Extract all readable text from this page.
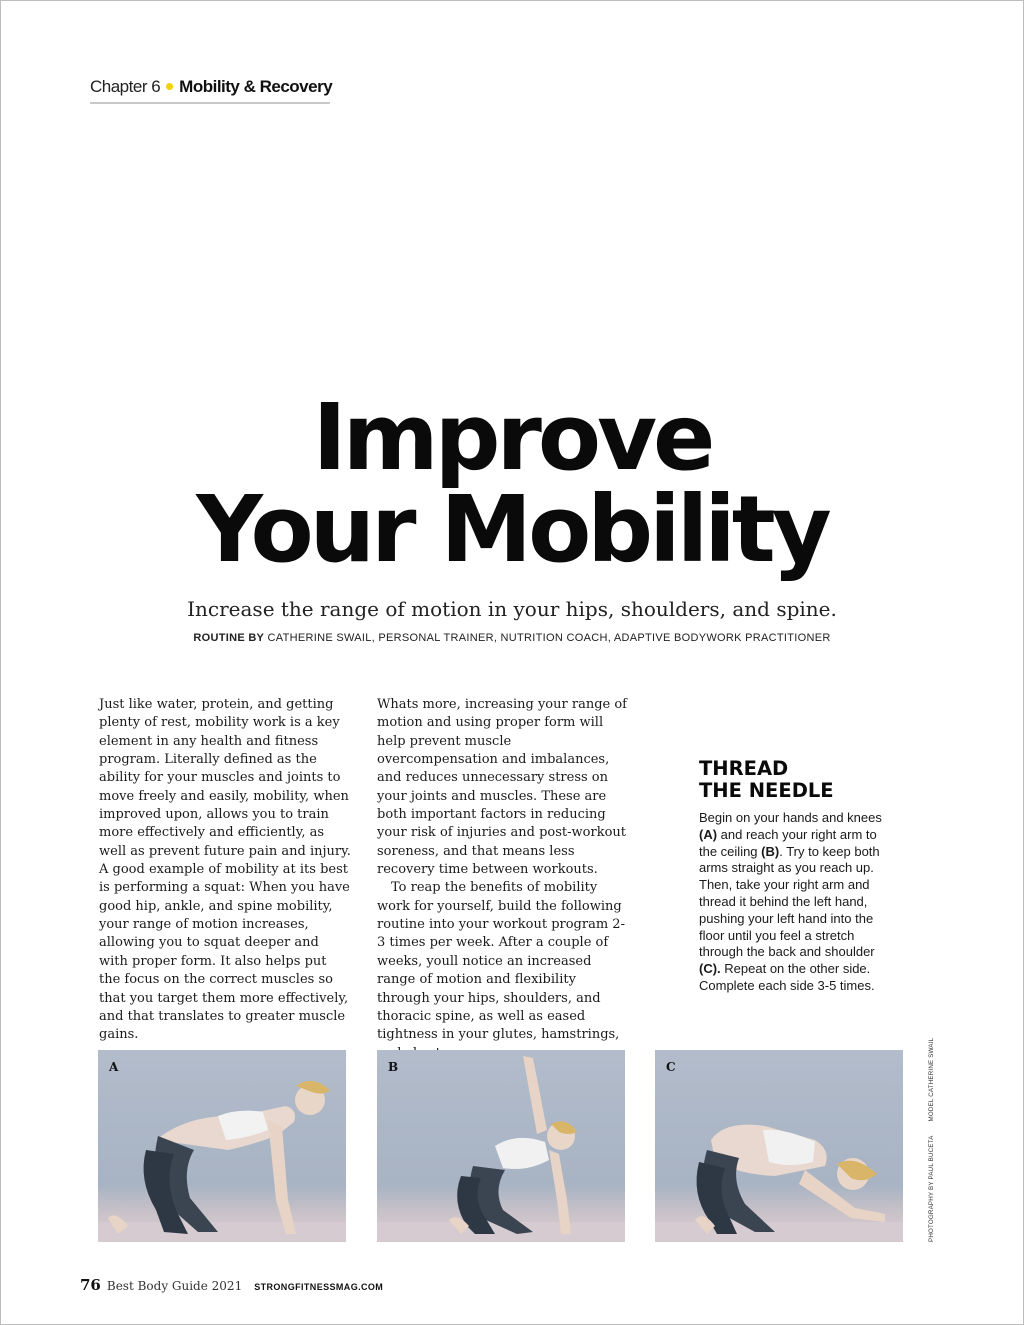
Chapter 6 Mobility & Recovery
Improve
Your Mobility
Increase the range of motion in your hips, shoulders, and spine.
ROUTINE BY CATHERINE SWAIL, PERSONAL TRAINER, NUTRITION COACH, ADAPTIVE BODYWORK PRACTITIONER

Just like water, protein, and getting plenty of rest, mobility work is a key element in any health and fitness program. Literally defined as the ability for your muscles and joints to move freely and easily, mobility, when improved upon, allows you to train more effectively and efficiently, as well as prevent future pain and injury. A good example of mobility at its best is performing a squat: When you have good hip, ankle, and spine mobility, your range of motion increases, allowing you to squat deeper and with proper form. It also helps put the focus on the correct muscles so that you target them more effectively, and that translates to greater muscle gains.

Whats more, increasing your range of motion and using proper form will help prevent muscle overcompensation and imbalances, and reduces unnecessary stress on your joints and muscles. These are both important factors in reducing your risk of injuries and post-workout soreness, and that means less recovery time between workouts.

To reap the benefits of mobility work for yourself, build the following routine into your workout program 2-3 times per week. After a couple of weeks, youll notice an increased range of motion and flexibility through your hips, shoulders, and thoracic spine, as well as eased tightness in your glutes, hamstrings,

THREAD
THE NEEDLE
Begin on your hands and knees (A) and reach your right arm to the ceiling (B). Try to keep both arms straight as you reach up. Then, take your right arm and thread it behind the left hand, pushing your left hand into the floor until you feel a stretch through the back and shoulder (C). Repeat on the other side. Complete each side 3-5 times.
A	B	C
PHOTOGRAPHY BY PAUL BUCETAMODEL CATHERINE SWAIL
76 Best Body Guide 2021 STRONGFITNESSMAG.COM
